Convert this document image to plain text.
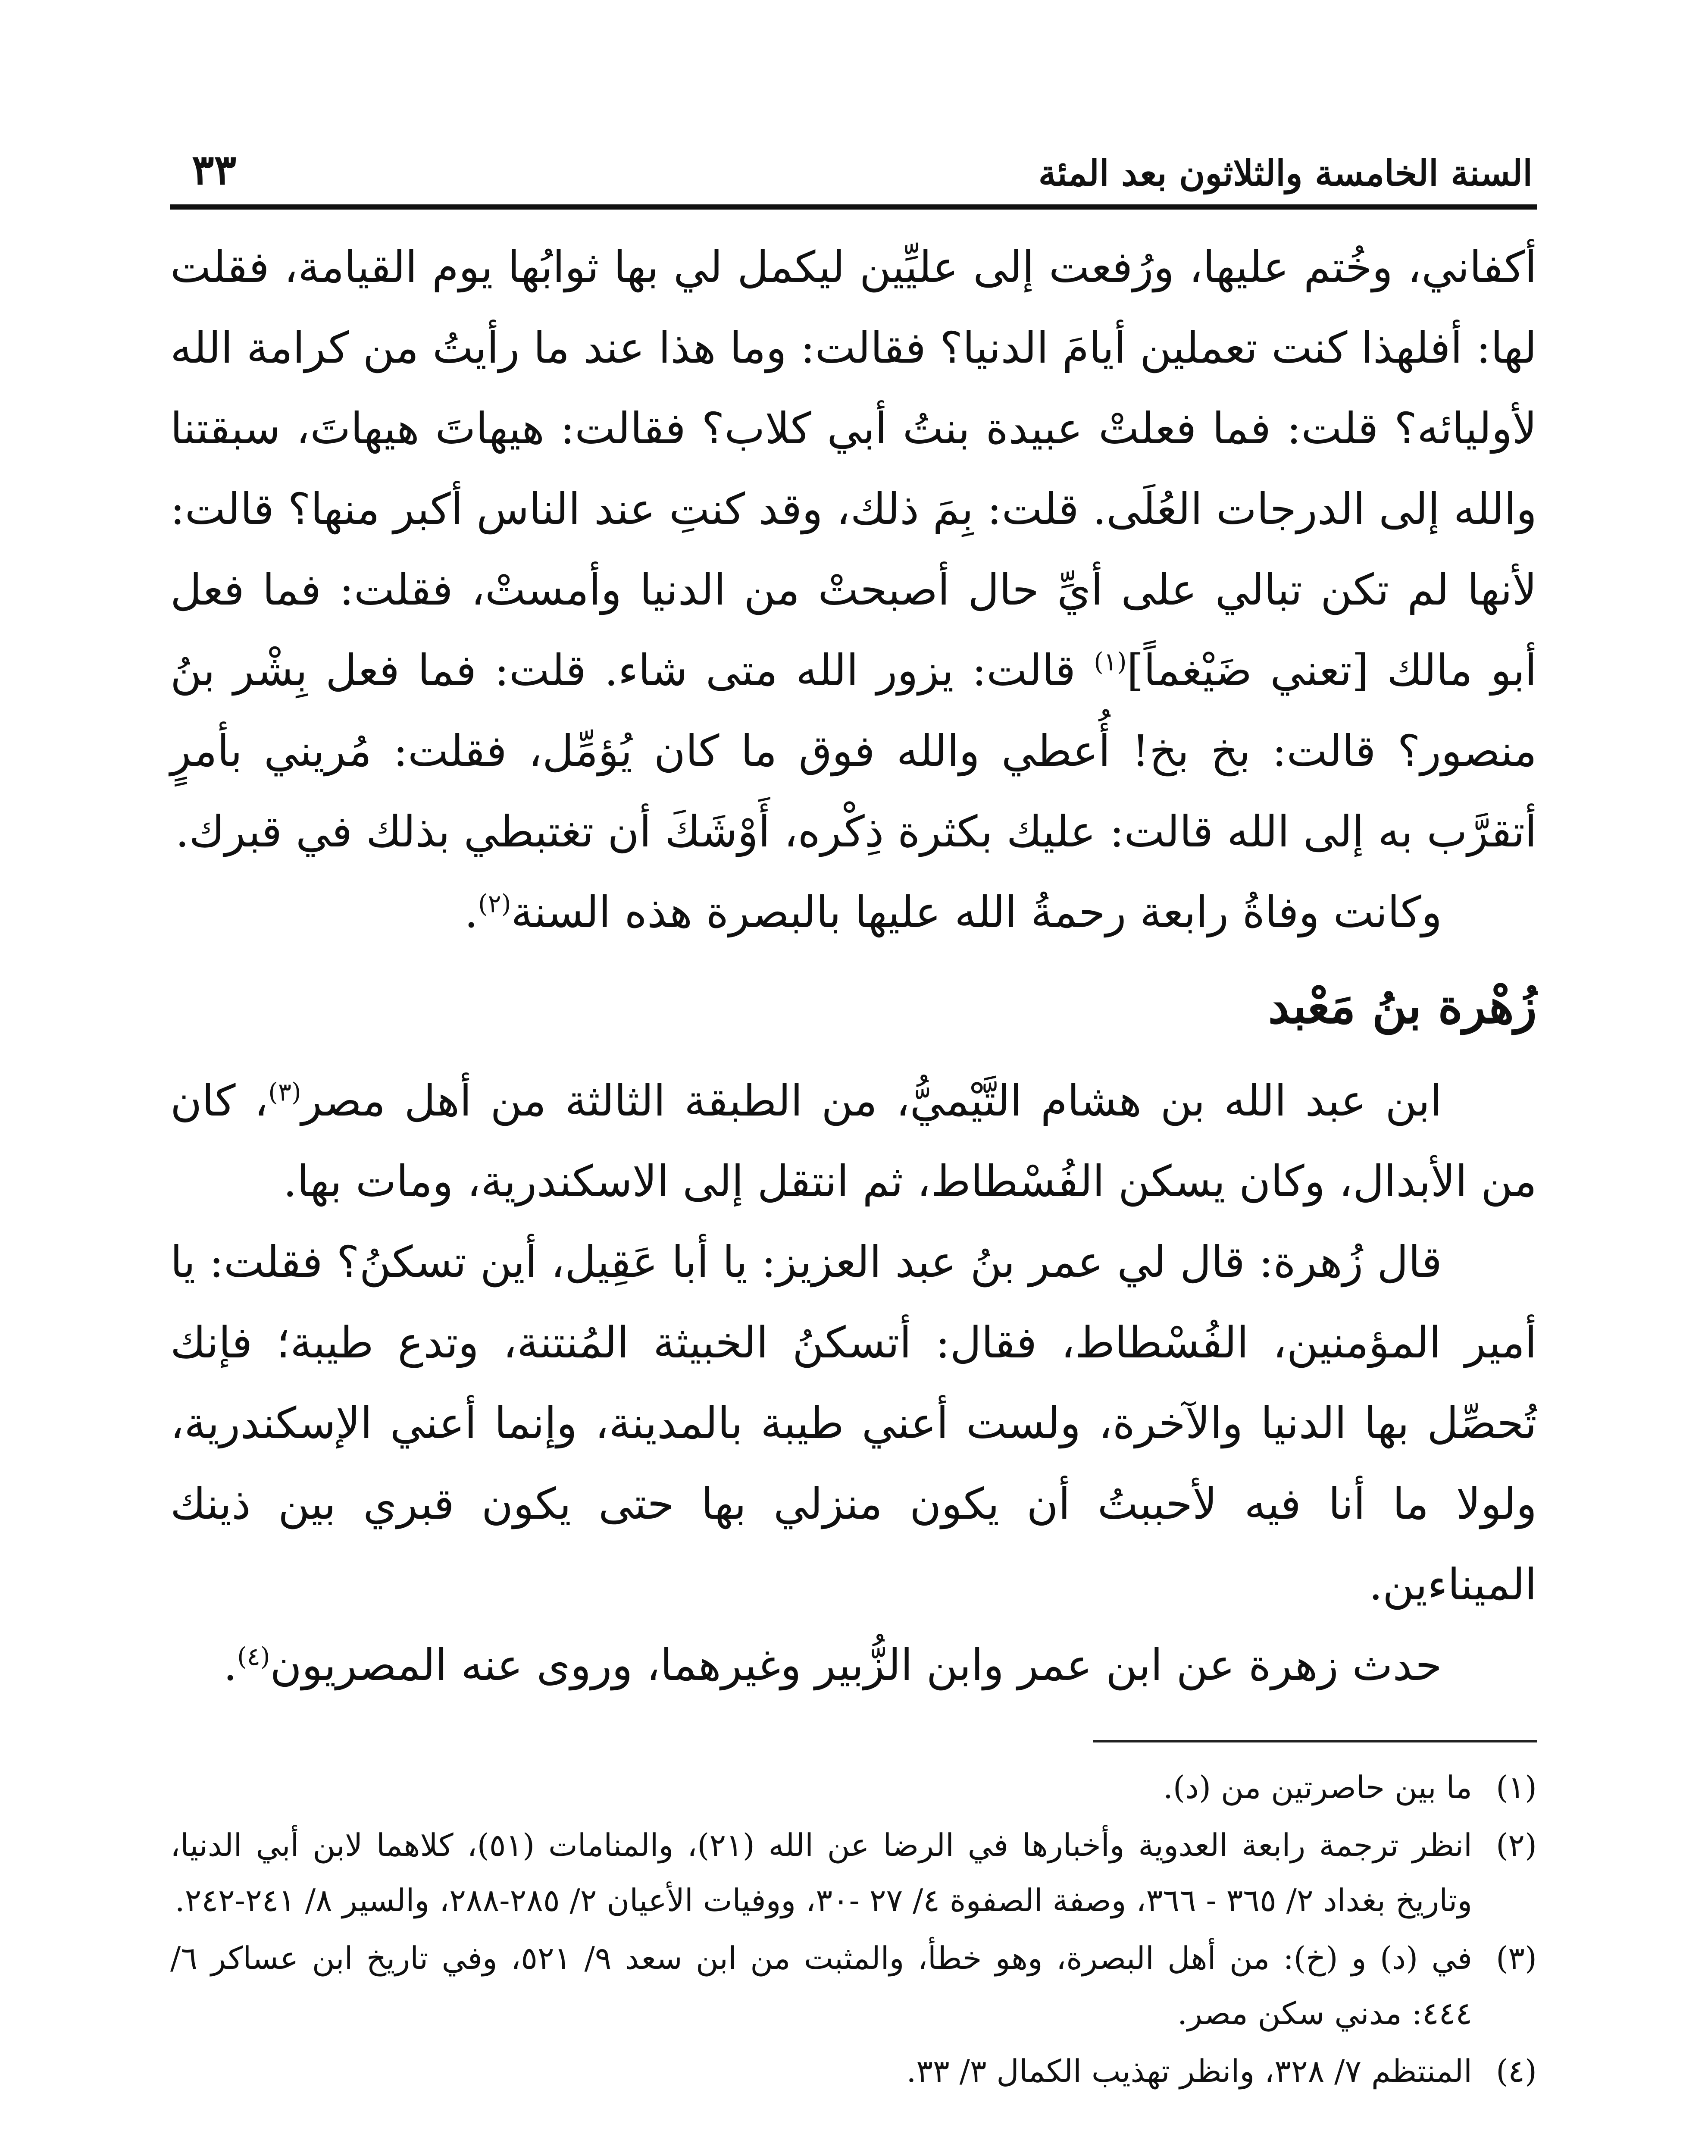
السنة الخامسة والثلاثون بعد المئة
٣٣

أكفاني، وخُتم عليها، ورُفعت إلى عليِّين ليكمل لي بها ثوابُها يوم القيامة، فقلت لها: أفلهذا كنت تعملين أيامَ الدنيا؟ فقالت: وما هذا عند ما رأيتُ من كرامة الله لأوليائه؟ قلت: فما فعلتْ عبيدة بنتُ أبي كلاب؟ فقالت: هيهاتَ هيهاتَ، سبقتنا والله إلى الدرجات العُلَى. قلت: بِمَ ذلك، وقد كنتِ عند الناس أكبر منها؟ قالت: لأنها لم تكن تبالي على أيِّ حال أصبحتْ من الدنيا وأمستْ، فقلت: فما فعل أبو مالك [تعني ضَيْغماً]$^{(١)}$ قالت: يزور الله متى شاء. قلت: فما فعل بِشْر بنُ منصور؟ قالت: بخ بخ! أُعطي والله فوق ما كان يُؤمِّل، فقلت: مُريني بأمرٍ أتقرَّب به إلى الله قالت: عليك بكثرة ذِكْره، أَوْشَكَ أن تغتبطي بذلك في قبرك.

وكانت وفاةُ رابعة رحمةُ الله عليها بالبصرة هذه السنة$^{(٢)}$.

زُهْرة بنُ مَعْبد

ابن عبد الله بن هشام التَّيْميُّ، من الطبقة الثالثة من أهل مصر$^{(٣)}$، كان من الأبدال، وكان يسكن الفُسْطاط، ثم انتقل إلى الاسكندرية، ومات بها.

قال زُهرة: قال لي عمر بنُ عبد العزيز: يا أبا عَقِيل، أين تسكنُ؟ فقلت: يا أمير المؤمنين، الفُسْطاط، فقال: أتسكنُ الخبيثة المُنتنة، وتدع طيبة؛ فإنك تُحصِّل بها الدنيا والآخرة، ولست أعني طيبة بالمدينة، وإنما أعني الإسكندرية، ولولا ما أنا فيه لأحببتُ أن يكون منزلي بها حتى يكون قبري بين ذينك الميناءين.

حدث زهرة عن ابن عمر وابن الزُّبير وغيرهما، وروى عنه المصريون$^{(٤)}$.

(١)
ما بين حاصرتين من (د).
(٢)
انظر ترجمة رابعة العدوية وأخبارها في الرضا عن الله (٢١)، والمنامات (٥١)، كلاهما لابن أبي الدنيا، وتاريخ بغداد ٢/ ٣٦٥ - ٣٦٦، وصفة الصفوة ٤/ ٢٧ -٣٠، ووفيات الأعيان ٢/ ٢٨٥-٢٨٨، والسير ٨/ ٢٤١-٢٤٢.
(٣)
في (د) و (خ): من أهل البصرة، وهو خطأ، والمثبت من ابن سعد ٩/ ٥٢١، وفي تاريخ ابن عساكر ٦/ ٤٤٤: مدني سكن مصر.
(٤)
المنتظم ٧/ ٣٢٨، وانظر تهذيب الكمال ٣/ ٣٣.
